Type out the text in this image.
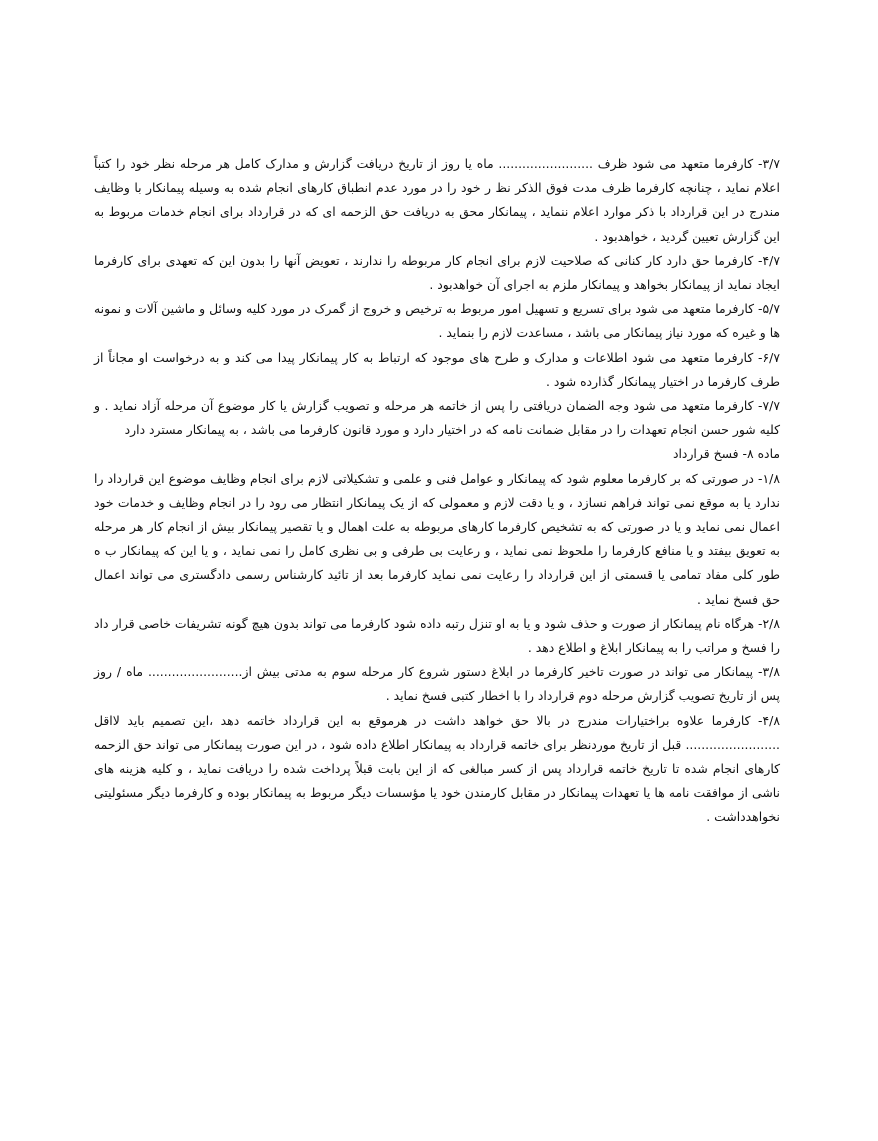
۳/۷- کارفرما متعهد می شود ظرف ........................ ماه یا روز از تاریخ دریافت گزارش و مدارک کامل هر مرحله نظر خود را کتباً اعلام نماید ، چنانچه کارفرما ظرف مدت فوق الذکر نظ ر خود را در مورد عدم انطباق کارهای انجام شده به وسیله پیمانکار با وظایف مندرج در این قرارداد با ذکر موارد اعلام ننماید ، پیمانکار محق به دریافت حق الزحمه ای که در قرارداد برای انجام خدمات مربوط به این گزارش تعیین گردید ، خواهدبود .

۴/۷- کارفرما حق دارد کار کنانی که صلاحیت لازم برای انجام کار مربوطه را ندارند ، تعویض آنها را بدون این که تعهدی برای کارفرما ایجاد نماید از پیمانکار بخواهد و پیمانکار ملزم به اجرای آن خواهدبود .

۵/۷- کارفرما متعهد می شود برای تسریع و تسهیل امور مربوط به ترخیص و خروج از گمرک در مورد کلیه وسائل و ماشین آلات و نمونه ها و غیره که مورد نیاز پیمانکار می باشد ، مساعدت لازم را بنماید .

۶/۷- کارفرما متعهد می شود اطلاعات و مدارک و طرح های موجود که ارتباط به کار پیمانکار پیدا می کند و به درخواست او مجاناً از طرف کارفرما در اختیار پیمانکار گذارده شود .

۷/۷- کارفرما متعهد می شود وجه الضمان دریافتی را پس از خاتمه هر مرحله و تصویب گزارش یا کار موضوع آن مرحله آزاد نماید . و کلیه شور حسن انجام تعهدات را در مقابل ضمانت نامه که در اختیار دارد و مورد قانون کارفرما می باشد ، به پیمانکار مسترد دارد

ماده ۸- فسخ قرارداد

۱/۸- در صورتی که بر کارفرما معلوم شود که پیمانکار و عوامل فنی و علمی و تشکیلاتی لازم برای انجام وظایف موضوع این قرارداد را ندارد یا به موقع نمی تواند فراهم نسازد ، و یا دقت لازم و معمولی که از یک پیمانکار انتظار می رود را در انجام وظایف و خدمات خود اعمال نمی نماید و یا در صورتی که به تشخیص کارفرما کارهای مربوطه به علت اهمال و یا تقصیر پیمانکار بیش از انجام کار هر مرحله به تعویق بیفتد و یا منافع کارفرما را ملحوظ نمی نماید ، و رعایت بی طرفی و بی نظری کامل را نمی نماید ، و یا این که پیمانکار ب ه طور کلی مفاد تمامی یا قسمتی از این قرارداد را رعایت نمی نماید کارفرما بعد از تائید کارشناس رسمی دادگستری می تواند اعمال حق فسخ نماید .

۲/۸- هرگاه نام پیمانکار از صورت و حذف شود و یا به او تنزل رتبه داده شود کارفرما می تواند بدون هیچ گونه تشریفات خاصی قرار داد را فسخ و مراتب را به پیمانکار ابلاغ و اطلاع دهد .

۳/۸- پیمانکار می تواند در صورت تاخیر کارفرما در ابلاغ دستور شروع کار مرحله سوم به مدتی بیش از........................ ماه / روز پس از تاریخ تصویب گزارش مرحله دوم قرارداد را با اخطار کتبی فسخ نماید .

۴/۸- کارفرما علاوه براختیارات مندرج در بالا حق خواهد داشت در هرموقع به این قرارداد خاتمه دهد ،این تصمیم باید لااقل ........................ قبل از تاریخ موردنظر برای خاتمه قرارداد به پیمانکار اطلاع داده شود ، در این صورت پیمانکار می تواند حق الزحمه کارهای انجام شده تا تاریخ خاتمه قرارداد پس از کسر مبالغی که از این بابت قبلاً پرداخت شده را دریافت نماید ، و کلیه هزینه های ناشی از موافقت نامه ها یا تعهدات پیمانکار در مقابل کارمندن خود یا مؤسسات دیگر مربوط به پیمانکار بوده و کارفرما دیگر مسئولیتی نخواهدداشت .
